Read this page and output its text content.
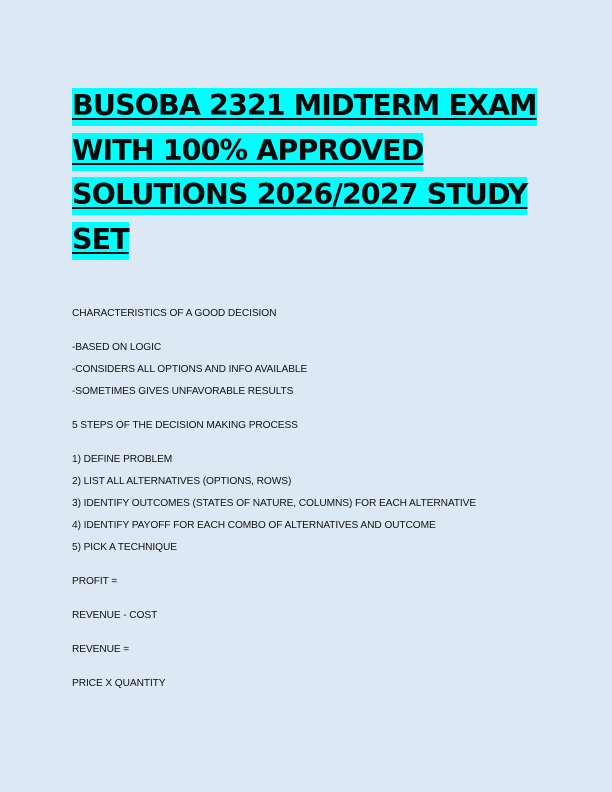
BUSOBA 2321 MIDTERM EXAM WITH 100% APPROVED SOLUTIONS 2026/2027 STUDY SET
CHARACTERISTICS OF A GOOD DECISION
-BASED ON LOGIC
-CONSIDERS ALL OPTIONS AND INFO AVAILABLE
-SOMETIMES GIVES UNFAVORABLE RESULTS
5 STEPS OF THE DECISION MAKING PROCESS
1) DEFINE PROBLEM
2) LIST ALL ALTERNATIVES (OPTIONS, ROWS)
3) IDENTIFY OUTCOMES (STATES OF NATURE, COLUMNS) FOR EACH ALTERNATIVE
4) IDENTIFY PAYOFF FOR EACH COMBO OF ALTERNATIVES AND OUTCOME
5) PICK A TECHNIQUE
PROFIT =
REVENUE - COST
REVENUE =
PRICE X QUANTITY
